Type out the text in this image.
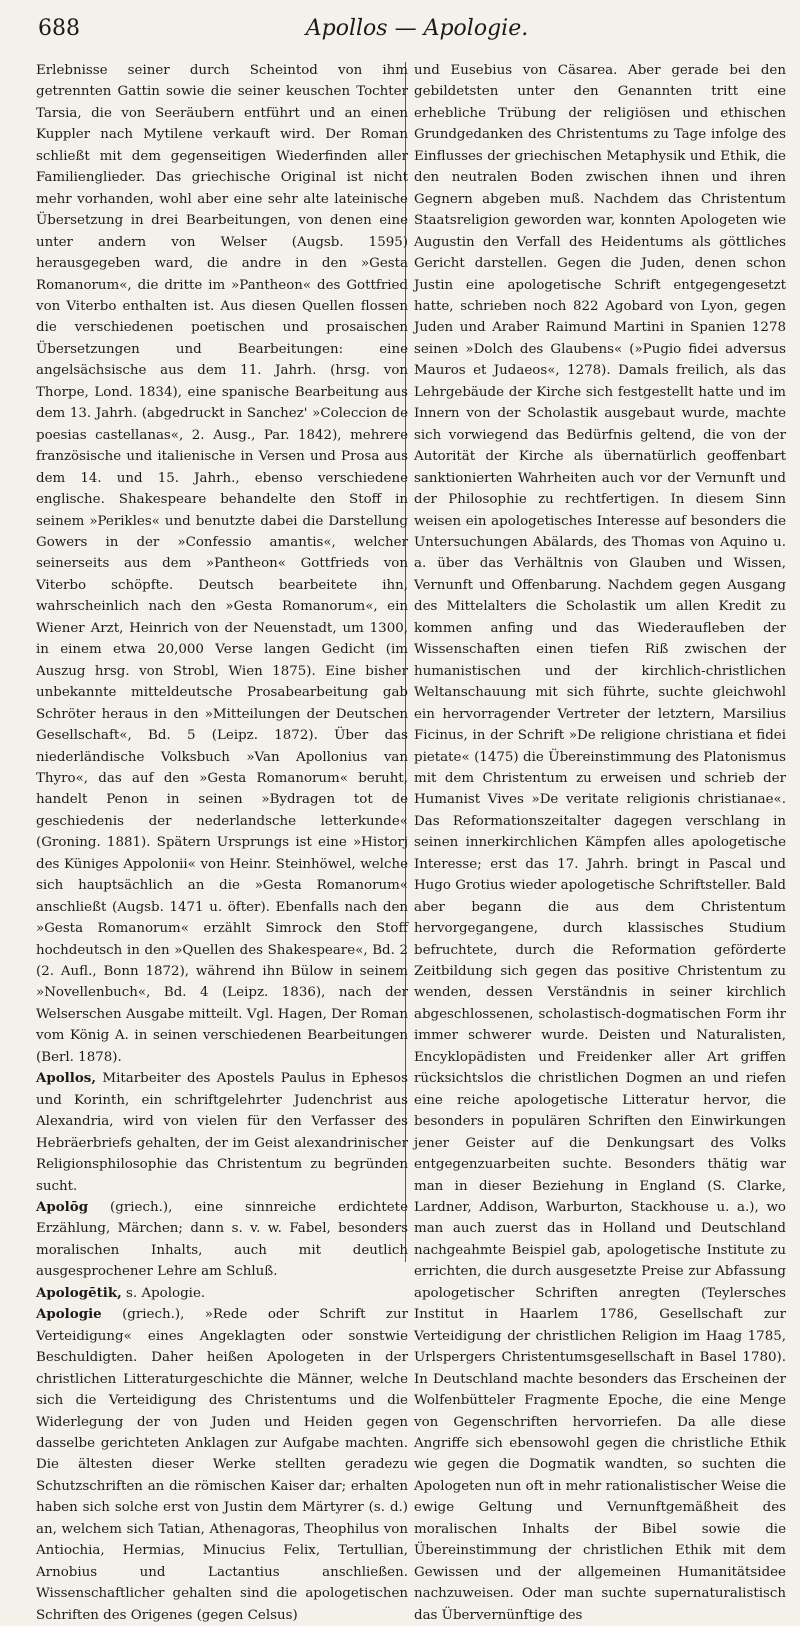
688	Apollos — Apologie.

Erlebnisse seiner durch Scheintod von ihm getrennten Gattin sowie die seiner keuschen Tochter Tarsia, die von Seeräubern entführt und an einen Kuppler nach Mytilene verkauft wird. Der Roman schließt mit dem gegenseitigen Wiederfinden aller Familienglieder. Das griechische Original ist nicht mehr vorhanden, wohl aber eine sehr alte lateinische Übersetzung in drei Bearbeitungen, von denen eine unter andern von Welser (Augsb. 1595) herausgegeben ward, die andre in den »Gesta Romanorum«, die dritte im »Pantheon« des Gottfried von Viterbo enthalten ist. Aus diesen Quellen flossen die verschiedenen poetischen und prosaischen Übersetzungen und Bearbeitungen: eine angelsächsische aus dem 11. Jahrh. (hrsg. von Thorpe, Lond. 1834), eine spanische Bearbeitung aus dem 13. Jahrh. (abgedruckt in Sanchez' »Coleccion de poesias castellanas«, 2. Ausg., Par. 1842), mehrere französische und italienische in Versen und Prosa aus dem 14. und 15. Jahrh., ebenso verschiedene englische. Shakespeare behandelte den Stoff in seinem »Perikles« und benutzte dabei die Darstellung Gowers in der »Confessio amantis«, welcher seinerseits aus dem »Pantheon« Gottfrieds von Viterbo schöpfte. Deutsch bearbeitete ihn, wahrscheinlich nach den »Gesta Romanorum«, ein Wiener Arzt, Heinrich von der Neuenstadt, um 1300, in einem etwa 20,000 Verse langen Gedicht (im Auszug hrsg. von Strobl, Wien 1875). Eine bisher unbekannte mitteldeutsche Prosabearbeitung gab Schröter heraus in den »Mitteilungen der Deutschen Gesellschaft«, Bd. 5 (Leipz. 1872). Über das niederländische Volksbuch »Van Apollonius van Thyro«, das auf den »Gesta Romanorum« beruht, handelt Penon in seinen »Bydragen tot de geschiedenis der nederlandsche letterkunde« (Groning. 1881). Spätern Ursprungs ist eine »Historj des Küniges Appolonii« von Heinr. Steinhöwel, welche sich hauptsächlich an die »Gesta Romanorum« anschließt (Augsb. 1471 u. öfter). Ebenfalls nach den »Gesta Romanorum« erzählt Simrock den Stoff hochdeutsch in den »Quellen des Shakespeare«, Bd. 2 (2. Aufl., Bonn 1872), während ihn Bülow in seinem »Novellenbuch«, Bd. 4 (Leipz. 1836), nach der Welserschen Ausgabe mitteilt. Vgl. Hagen, Der Roman vom König A. in seinen verschiedenen Bearbeitungen (Berl. 1878).

Apollos, Mitarbeiter des Apostels Paulus in Ephesos und Korinth, ein schriftgelehrter Judenchrist aus Alexandria, wird von vielen für den Verfasser des Hebräerbriefs gehalten, der im Geist alexandrinischer Religionsphilosophie das Christentum zu begründen sucht.

Apolōg (griech.), eine sinnreiche erdichtete Erzählung, Märchen; dann s. v. w. Fabel, besonders moralischen Inhalts, auch mit deutlich ausgesprochener Lehre am Schluß.

Apologētik, s. Apologie.

Apologie (griech.), »Rede oder Schrift zur Verteidigung« eines Angeklagten oder sonstwie Beschuldigten. Daher heißen Apologeten in der christlichen Litteraturgeschichte die Männer, welche sich die Verteidigung des Christentums und die Widerlegung der von Juden und Heiden gegen dasselbe gerichteten Anklagen zur Aufgabe machten. Die ältesten dieser Werke stellten geradezu Schutzschriften an die römischen Kaiser dar; erhalten haben sich solche erst von Justin dem Märtyrer (s. d.) an, welchem sich Tatian, Athenagoras, Theophilus von Antiochia, Hermias, Minucius Felix, Tertullian, Arnobius und Lactantius anschließen. Wissenschaftlicher gehalten sind die apologetischen Schriften des Origenes (gegen Celsus)

und Eusebius von Cäsarea. Aber gerade bei den gebildetsten unter den Genannten tritt eine erhebliche Trübung der religiösen und ethischen Grundgedanken des Christentums zu Tage infolge des Einflusses der griechischen Metaphysik und Ethik, die den neutralen Boden zwischen ihnen und ihren Gegnern abgeben muß. Nachdem das Christentum Staatsreligion geworden war, konnten Apologeten wie Augustin den Verfall des Heidentums als göttliches Gericht darstellen. Gegen die Juden, denen schon Justin eine apologetische Schrift entgegengesetzt hatte, schrieben noch 822 Agobard von Lyon, gegen Juden und Araber Raimund Martini in Spanien 1278 seinen »Dolch des Glaubens« (»Pugio fidei adversus Mauros et Judaeos«, 1278). Damals freilich, als das Lehrgebäude der Kirche sich festgestellt hatte und im Innern von der Scholastik ausgebaut wurde, machte sich vorwiegend das Bedürfnis geltend, die von der Autorität der Kirche als übernatürlich geoffenbart sanktionierten Wahrheiten auch vor der Vernunft und der Philosophie zu rechtfertigen. In diesem Sinn weisen ein apologetisches Interesse auf besonders die Untersuchungen Abälards, des Thomas von Aquino u. a. über das Verhältnis von Glauben und Wissen, Vernunft und Offenbarung. Nachdem gegen Ausgang des Mittelalters die Scholastik um allen Kredit zu kommen anfing und das Wiederaufleben der Wissenschaften einen tiefen Riß zwischen der humanistischen und der kirchlich-christlichen Weltanschauung mit sich führte, suchte gleichwohl ein hervorragender Vertreter der letztern, Marsilius Ficinus, in der Schrift »De religione christiana et fidei pietate« (1475) die Übereinstimmung des Platonismus mit dem Christentum zu erweisen und schrieb der Humanist Vives »De veritate religionis christianae«. Das Reformationszeitalter dagegen verschlang in seinen innerkirchlichen Kämpfen alles apologetische Interesse; erst das 17. Jahrh. bringt in Pascal und Hugo Grotius wieder apologetische Schriftsteller. Bald aber begann die aus dem Christentum hervorgegangene, durch klassisches Studium befruchtete, durch die Reformation geförderte Zeitbildung sich gegen das positive Christentum zu wenden, dessen Verständnis in seiner kirchlich abgeschlossenen, scholastisch-dogmatischen Form ihr immer schwerer wurde. Deisten und Naturalisten, Encyklopädisten und Freidenker aller Art griffen rücksichtslos die christlichen Dogmen an und riefen eine reiche apologetische Litteratur hervor, die besonders in populären Schriften den Einwirkungen jener Geister auf die Denkungsart des Volks entgegenzuarbeiten suchte. Besonders thätig war man in dieser Beziehung in England (S. Clarke, Lardner, Addison, Warburton, Stackhouse u. a.), wo man auch zuerst das in Holland und Deutschland nachgeahmte Beispiel gab, apologetische Institute zu errichten, die durch ausgesetzte Preise zur Abfassung apologetischer Schriften anregten (Teylersches Institut in Haarlem 1786, Gesellschaft zur Verteidigung der christlichen Religion im Haag 1785, Urlspergers Christentumsgesellschaft in Basel 1780). In Deutschland machte besonders das Erscheinen der Wolfenbütteler Fragmente Epoche, die eine Menge von Gegenschriften hervorriefen. Da alle diese Angriffe sich ebensowohl gegen die christliche Ethik wie gegen die Dogmatik wandten, so suchten die Apologeten nun oft in mehr rationalistischer Weise die ewige Geltung und Vernunftgemäßheit des moralischen Inhalts der Bibel sowie die Übereinstimmung der christlichen Ethik mit dem Gewissen und der allgemeinen Humanitätsidee nachzuweisen. Oder man suchte supernaturalistisch das Übervernünftige des
